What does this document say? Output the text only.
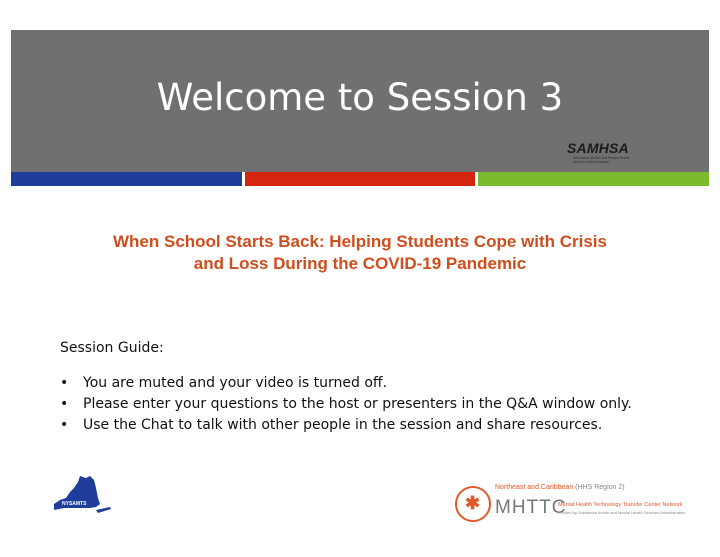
Welcome to Session 3
SAMHSA
Substance Abuse and Mental Health Services Administration
When School Starts Back: Helping Students Cope with Crisis
and Loss During the COVID-19 Pandemic
Session Guide:
• You are muted and your video is turned off.
• Please enter your questions to the host or presenters in the Q&A window only.
• Use the Chat to talk with other people in the session and share resources.
NYSAMTS	✱
Northeast and Caribbean (HHS Region 2)
MHTTC
Mental Health Technology Transfer Center Network
Funded by Substance Abuse and Mental Health Services Administration
